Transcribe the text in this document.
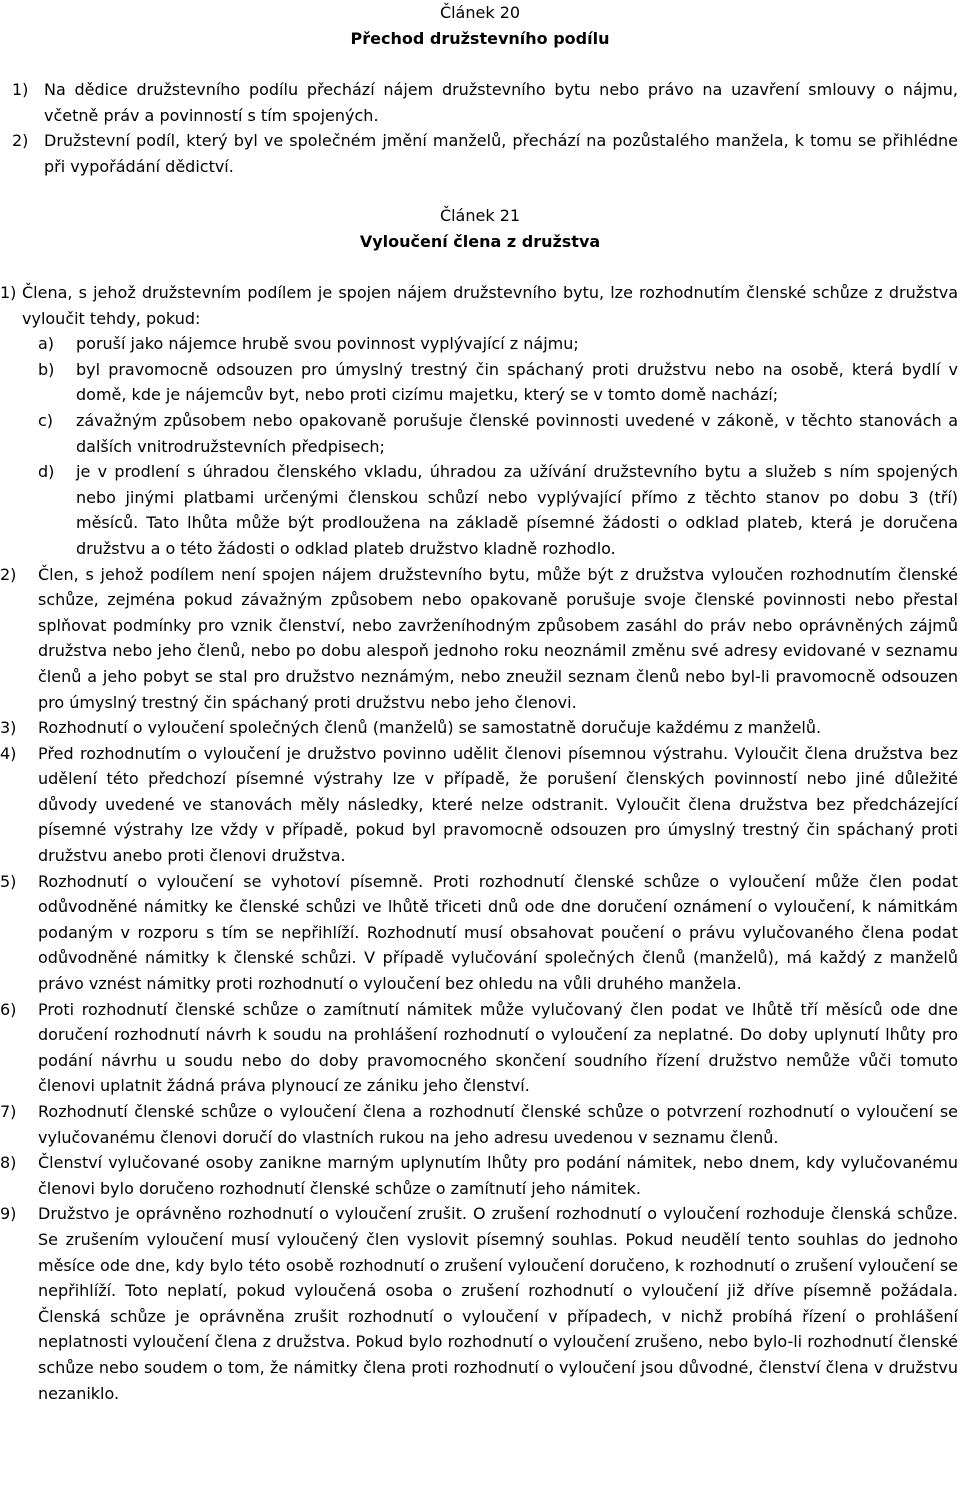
Článek 20

Přechod družstevního podílu

1) Na dědice družstevního podílu přechází nájem družstevního bytu nebo právo na uzavření smlouvy o nájmu, včetně práv a povinností s tím spojených.
2) Družstevní podíl, který byl ve společném jmění manželů, přechází na pozůstalého manžela, k tomu se přihlédne při vypořádání dědictví.

Článek 21

Vyloučení člena z družstva

1) Člena, s jehož družstevním podílem je spojen nájem družstevního bytu, lze rozhodnutím členské schůze z družstva vyloučit tehdy, pokud:
a) poruší jako nájemce hrubě svou povinnost vyplývající z nájmu;
b) byl pravomocně odsouzen pro úmyslný trestný čin spáchaný proti družstvu nebo na osobě, která bydlí v domě, kde je nájemcův byt, nebo proti cizímu majetku, který se v tomto domě nachází;
c) závažným způsobem nebo opakovaně porušuje členské povinnosti uvedené v zákoně, v těchto stanovách a dalších vnitrodružstevních předpisech;
d) je v prodlení s úhradou členského vkladu, úhradou za užívání družstevního bytu a služeb s ním spojených nebo jinými platbami určenými členskou schůzí nebo vyplývající přímo z těchto stanov po dobu 3 (tří) měsíců. Tato lhůta může být prodloužena na základě písemné žádosti o odklad plateb, která je doručena družstvu a o této žádosti o odklad plateb družstvo kladně rozhodlo.
2) Člen, s jehož podílem není spojen nájem družstevního bytu, může být z družstva vyloučen rozhodnutím členské schůze, zejména pokud závažným způsobem nebo opakovaně porušuje svoje členské povinnosti nebo přestal splňovat podmínky pro vznik členství, nebo zavrženíhodným způsobem zasáhl do práv nebo oprávněných zájmů družstva nebo jeho členů, nebo po dobu alespoň jednoho roku neoznámil změnu své adresy evidované v seznamu členů a jeho pobyt se stal pro družstvo neznámým, nebo zneužil seznam členů nebo byl-li pravomocně odsouzen pro úmyslný trestný čin spáchaný proti družstvu nebo jeho členovi.
3) Rozhodnutí o vyloučení společných členů (manželů) se samostatně doručuje každému z manželů.
4) Před rozhodnutím o vyloučení je družstvo povinno udělit členovi písemnou výstrahu. Vyloučit člena družstva bez udělení této předchozí písemné výstrahy lze v případě, že porušení členských povinností nebo jiné důležité důvody uvedené ve stanovách měly následky, které nelze odstranit. Vyloučit člena družstva bez předcházející písemné výstrahy lze vždy v případě, pokud byl pravomocně odsouzen pro úmyslný trestný čin spáchaný proti družstvu anebo proti členovi družstva.
5) Rozhodnutí o vyloučení se vyhotoví písemně. Proti rozhodnutí členské schůze o vyloučení může člen podat odůvodněné námitky ke členské schůzi ve lhůtě třiceti dnů ode dne doručení oznámení o vyloučení, k námitkám podaným v rozporu s tím se nepřihlíží. Rozhodnutí musí obsahovat poučení o právu vylučovaného člena podat odůvodněné námitky k členské schůzi. V případě vylučování společných členů (manželů), má každý z manželů právo vznést námitky proti rozhodnutí o vyloučení bez ohledu na vůli druhého manžela.
6) Proti rozhodnutí členské schůze o zamítnutí námitek může vylučovaný člen podat ve lhůtě tří měsíců ode dne doručení rozhodnutí návrh k soudu na prohlášení rozhodnutí o vyloučení za neplatné. Do doby uplynutí lhůty pro podání návrhu u soudu nebo do doby pravomocného skončení soudního řízení družstvo nemůže vůči tomuto členovi uplatnit žádná práva plynoucí ze zániku jeho členství.
7) Rozhodnutí členské schůze o vyloučení člena a rozhodnutí členské schůze o potvrzení rozhodnutí o vyloučení se vylučovanému členovi doručí do vlastních rukou na jeho adresu uvedenou v seznamu členů.
8) Členství vylučované osoby zanikne marným uplynutím lhůty pro podání námitek, nebo dnem, kdy vylučovanému členovi bylo doručeno rozhodnutí členské schůze o zamítnutí jeho námitek.
9) Družstvo je oprávněno rozhodnutí o vyloučení zrušit. O zrušení rozhodnutí o vyloučení rozhoduje členská schůze. Se zrušením vyloučení musí vyloučený člen vyslovit písemný souhlas. Pokud neudělí tento souhlas do jednoho měsíce ode dne, kdy bylo této osobě rozhodnutí o zrušení vyloučení doručeno, k rozhodnutí o zrušení vyloučení se nepřihlíží. Toto neplatí, pokud vyloučená osoba o zrušení rozhodnutí o vyloučení již dříve písemně požádala. Členská schůze je oprávněna zrušit rozhodnutí o vyloučení v případech, v nichž probíhá řízení o prohlášení neplatnosti vyloučení člena z družstva. Pokud bylo rozhodnutí o vyloučení zrušeno, nebo bylo-li rozhodnutí členské schůze nebo soudem o tom, že námitky člena proti rozhodnutí o vyloučení jsou důvodné, členství člena v družstvu nezaniklo.
